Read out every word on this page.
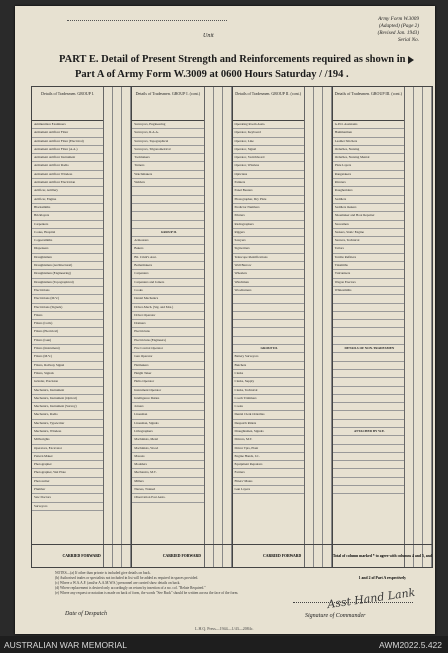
Unit
Army Form W.3009
(Adapted) (Page 2)
(Revised Jan. 1943)
Serial No.
PART E. Detail of Present Strength and Reinforcements required as shown in
Part A of Army Form W.3009 at 0600 Hours Saturday / /194 .
Details of Tradesmen. GROUP I.
Ammunition Examiners
Armament Artificer Fitter
Armament Artificer Fitter (Electrical)
Armament Artificer Fitter (A.A.)
Armament Artificer Instrument
Armament Artificer Radio
Armament Artificer Wireless
Armament Artificer Electrician
Artificer, Artillery
Artificer, Engine
Blacksmiths
Bricklayers
Carpenters
Cooks, Hospital
Coppersmiths
Dispensers
Draughtsmen
Draughtsmen (Architectural)
Draughtsmen (Engineering)
Draughtsmen (Topographical)
Electricians
Electricians (M.V.)
Electricians (Signals)
Fitters
Fitters (Coils)
Fitters (Electrical)
Fitters (Gun)
Fitters (Instrument)
Fitters (M.V.)
Fitters, Railway Signal
Fitters, Signals
Grinder, Precision
Mechanics, Instrument
Mechanics, Instrument (Optical)
Mechanics, Instrument (Survey)
Mechanics, Radio
Mechanics, Typewriter
Mechanics, Wireless
Millwrights
Operators, Excavator
Pattern Maker
Photographer
Photographer, Wet Plate
Photowriter
Plumber
Saw Doctors
Surveyors
CARRIED FORWARD
Details of Tradesmen. GROUP I. (cont.)
Surveyors, Engineering
Surveyors, R.A.A.
Surveyors, Topographical
Surveyors, Trigonometrical
Toolmakers
Turners
Watchmakers
Welders
GROUP II.
Armourers
Bakers
Blt. Cmdr's Asst.
Boilermakers
Carpenters
Carpenters and Joiners
Cooks
Dental Mechanics
Driver-Mech. (Sig. and Mot.)
Driver Operator
Drainers
Electricians
Electricians (Engineers)
Fire Control Operator
Gun Operator
Hatmakers
Height Taker
Helio Operator
Instrument Operator
Intelligence Duties
Joiners
Linesman
Linesman, Signals
Lithographers
Machinists, Metal
Machinists, Wood
Masons
Moulders
Mechanics, M.T.
Millers
Nurses, Trained
Observation Post Assts.
CARRIED FORWARD
Details of Tradesmen. GROUP II. (cont.)
Operating Room Assts.
Operator, Keyboard
Operator, Line
Operator, Signal
Operator, Switchboard
Operator, Wireless
Opticians
Painters
Panel Beaters
Photographer, Dry Plate
Predictor Numbers
Printers
Radiographers
Riggers
Sawyers
Signwriters
Telescope Identifications
Wall Barrow
Wheelers
Winchmen
Woodturners
GROUP III.
Battery Surveyors
Butchers
Clerks
Clerks, Supply
Clerks, Technical
Coach Trimmers
Cooks
Dental Clerk Orderlies
Despatch Riders
Draughtsmen, Signals
Drivers, M.T.
Driver Tpts, Plant
Engine Hands, I.C.
Equipment Repairers
Farriers
Fitters' Mates
Gun Layers
CARRIED FORWARD
Details of Tradesmen. GROUP III. (cont.)
G.P.O. Assistants
Hammermen
Leather Stitchers
Orderlies, Nursing
Orderlies, Nursing Mental
Plate Layers
Rangetakers
Riveters
Rougheriders
Saddlers
Saddlers makers
Shoemaker and Boot Repairer
Storesmen
Stokers, Static Engine
Sterrers, Technical
Tailors
Textile Refitters
Tinsmiths
Vulcanisers
Wagon Erectors
Whitesmiths
DETAILS OF NON-TRADESMEN
ATTACHED BY W.E.
Total of column marked * to agree with columns 4 and 5, and 1 and 2 of Part A respectively
NOTES—(a) If other than private is included give details on back.
(b) Authorised trades or specialists not included in list will be added as required in spaces provided.
(c) Where a W.A.A.F. (and/or A.A.M.W.S.) personnel are carried show details on back.
(d) Where replacement is desired only accordingly on return by insertion of a no. col. "Relate Required."
(e) Where any request or notation is made on back of form, the words "See Back" should be written across the face of the form.
Date of Despatch
Asst Hand Lank
Signature of Commander
L.H.Q. Press—1944—1/43—2084c.
AUSTRALIAN WAR MEMORIAL	AWM2022.5.422
